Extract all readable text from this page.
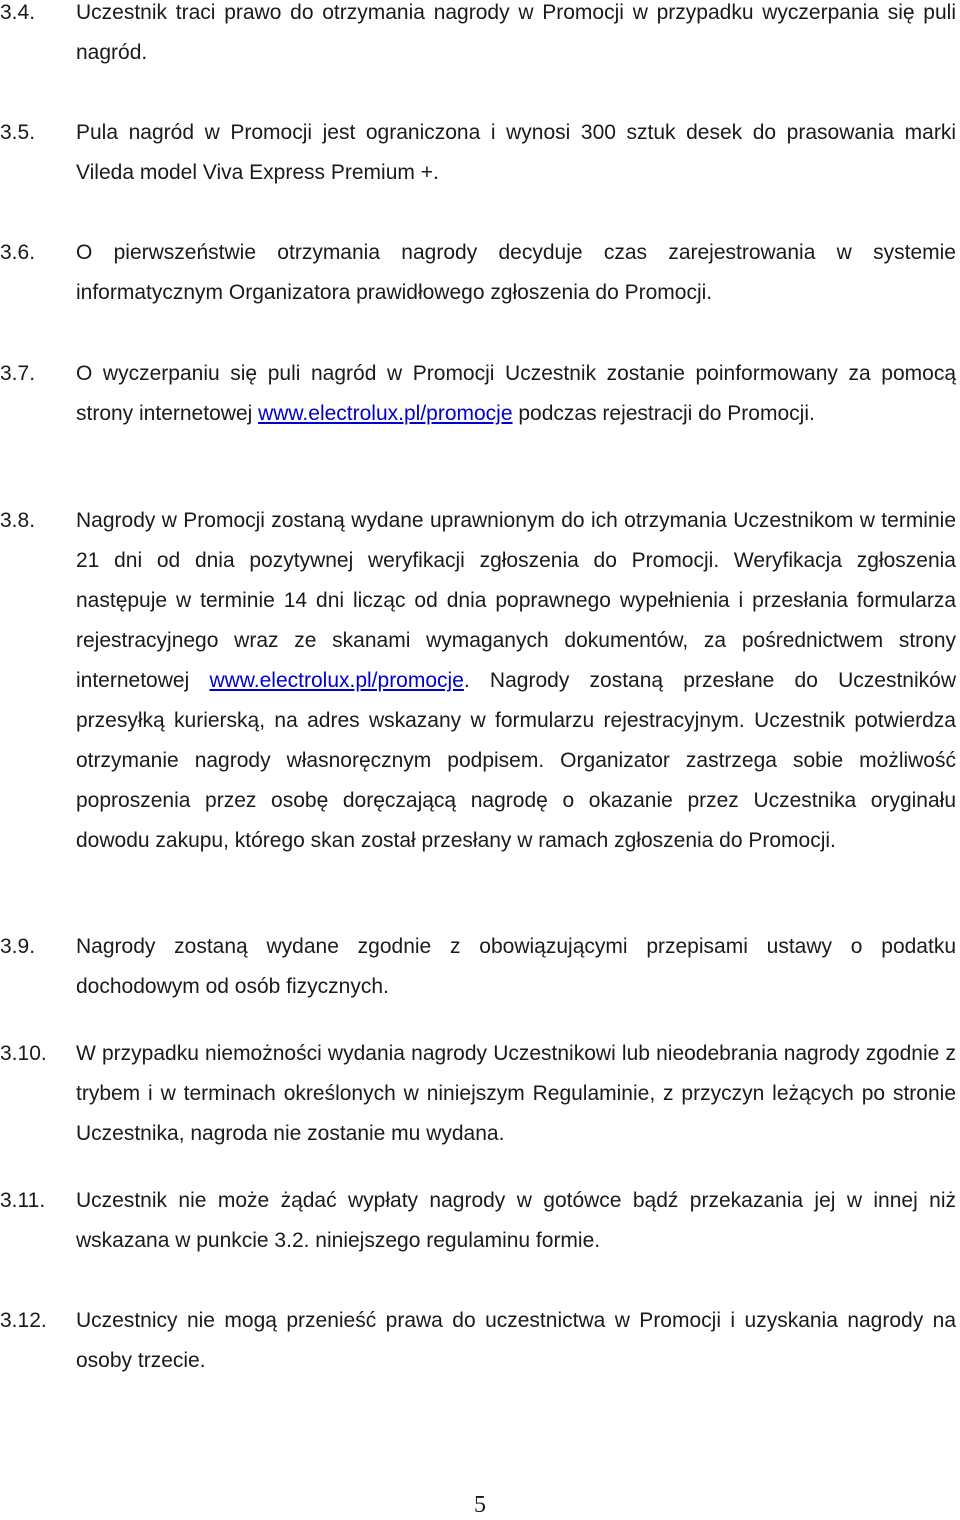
3.4. Uczestnik traci prawo do otrzymania nagrody w Promocji w przypadku wyczerpania się puli nagród.
3.5. Pula nagród w Promocji jest ograniczona i wynosi 300 sztuk desek do prasowania marki Vileda model Viva Express Premium +.
3.6. O pierwszeństwie otrzymania nagrody decyduje czas zarejestrowania w systemie informatycznym Organizatora prawidłowego zgłoszenia do Promocji.
3.7. O wyczerpaniu się puli nagród w Promocji Uczestnik zostanie poinformowany za pomocą strony internetowej www.electrolux.pl/promocje podczas rejestracji do Promocji.
3.8. Nagrody w Promocji zostaną wydane uprawnionym do ich otrzymania Uczestnikom w terminie 21 dni od dnia pozytywnej weryfikacji zgłoszenia do Promocji. Weryfikacja zgłoszenia następuje w terminie 14 dni licząc od dnia poprawnego wypełnienia i przesłania formularza rejestracyjnego wraz ze skanami wymaganych dokumentów, za pośrednictwem strony internetowej www.electrolux.pl/promocje. Nagrody zostaną przesłane do Uczestników przesyłką kurierską, na adres wskazany w formularzu rejestracyjnym. Uczestnik potwierdza otrzymanie nagrody własnoręcznym podpisem. Organizator zastrzega sobie możliwość poproszenia przez osobę doręczającą nagrodę o okazanie przez Uczestnika oryginału dowodu zakupu, którego skan został przesłany w ramach zgłoszenia do Promocji.
3.9. Nagrody zostaną wydane zgodnie z obowiązującymi przepisami ustawy o podatku dochodowym od osób fizycznych.
3.10. W przypadku niemożności wydania nagrody Uczestnikowi lub nieodebrania nagrody zgodnie z trybem i w terminach określonych w niniejszym Regulaminie, z przyczyn leżących po stronie Uczestnika, nagroda nie zostanie mu wydana.
3.11. Uczestnik nie może żądać wypłaty nagrody w gotówce bądź przekazania jej w innej niż wskazana w punkcie 3.2. niniejszego regulaminu formie.
3.12. Uczestnicy nie mogą przenieść prawa do uczestnictwa w Promocji i uzyskania nagrody na osoby trzecie.
5
